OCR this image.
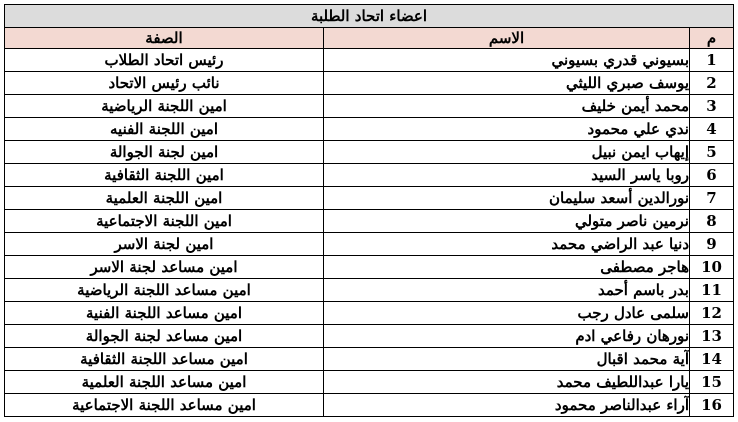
اعضاء اتحاد الطلبة		
م	الاسم	الصفة
1	بسيوني قدري بسيوني	رئيس اتحاد الطلاب
2	يوسف صبري الليثي	نائب رئيس الاتحاد
3	محمد أيمن خليف	امين اللجنة الرياضية
4	ندي علي محمود	امين اللجنة الفنيه
5	إيهاب ايمن نبيل	امين لجنة الجوالة
6	روبا ياسر السيد	امين اللجنة الثقافية
7	نورالدين أسعد سليمان	امين اللجنة العلمية
8	نرمين ناصر متولي	امين اللجنة الاجتماعية
9	دنيا عبد الراضي محمد	امين لجنة الاسر
10	هاجر مصطفى	امين مساعد لجنة الاسر
11	بدر باسم أحمد	امين مساعد اللجنة الرياضية
12	سلمى عادل رجب	امين مساعد اللجنة الفنية
13	نورهان رفاعي ادم	امين مساعد لجنة الجوالة
14	آية محمد اقبال	امين مساعد اللجنة الثقافية
15	يارا عبداللطيف محمد	امين مساعد اللجنة العلمية
16	آراء عبدالناصر محمود	امين مساعد اللجنة الاجتماعية
